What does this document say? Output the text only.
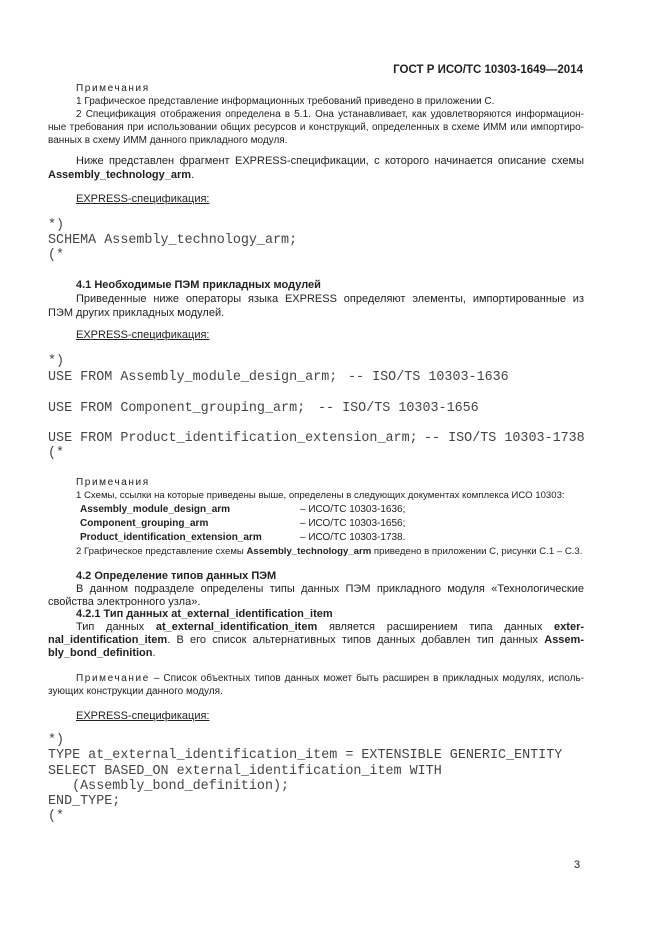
ГОСТ Р ИСО/ТС 10303-1649—2014
Примечания
1 Графическое представление информационных требований приведено в приложении С.
2 Спецификация отображения определена в 5.1. Она устанавливает, как удовлетворяются информацион-
ные требования при использовании общих ресурсов и конструкций, определенных в схеме ИММ или импортиро-
ванных в схему ИММ данного прикладного модуля.
Ниже представлен фрагмент EXPRESS-спецификации, с которого начинается описание схемы
Assembly_technology_arm.
EXPRESS-спецификация:
*)
SCHEMA Assembly_technology_arm;
(*
4.1 Необходимые ПЭМ прикладных модулей
Приведенные ниже операторы языка EXPRESS определяют элементы, импортированные из
ПЭМ других прикладных модулей.
EXPRESS-спецификация:
*)
USE FROM Assembly_module_design_arm; -- ISO/TS 10303-1636
USE FROM Component_grouping_arm; -- ISO/TS 10303-1656
USE FROM Product_identification_extension_arm; -- ISO/TS 10303-1738
(*
Примечания
1 Схемы, ссылки на которые приведены выше, определены в следующих документах комплекса ИСО 10303:
Assembly_module_design_arm	– ИСО/ТС 10303-1636;
Component_grouping_arm	– ИСО/ТС 10303-1656;
Product_identification_extension_arm	– ИСО/ТС 10303-1738.
2 Графическое представление схемы Assembly_technology_arm приведено в приложении С, рисунки С.1 – С.3.
4.2 Определение типов данных ПЭМ
В данном подразделе определены типы данных ПЭМ прикладного модуля «Технологические
свойства электронного узла».
4.2.1 Тип данных at_external_identification_item
Тип данных at_external_identification_item является расширением типа данных exter-
nal_identification_item. В его список альтернативных типов данных добавлен тип данных Assem-
bly_bond_definition.
Примечание – Список объектных типов данных может быть расширен в прикладных модулях, исполь-
зующих конструкции данного модуля.
EXPRESS-спецификация:
*)
TYPE at_external_identification_item = EXTENSIBLE GENERIC_ENTITY
SELECT BASED_ON external_identification_item WITH
(Assembly_bond_definition);
END_TYPE;
(*
3
